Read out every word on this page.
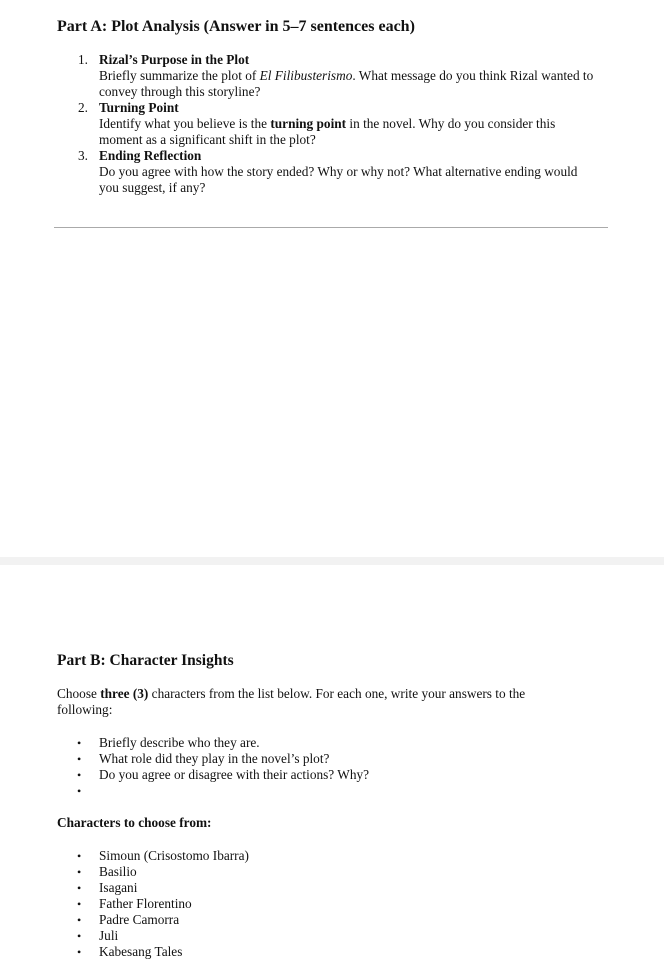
Part A: Plot Analysis (Answer in 5–7 sentences each)
1. Rizal’s Purpose in the Plot
Briefly summarize the plot of El Filibusterismo. What message do you think Rizal wanted to convey through this storyline?
2. Turning Point
Identify what you believe is the turning point in the novel. Why do you consider this moment as a significant shift in the plot?
3. Ending Reflection
Do you agree with how the story ended? Why or why not? What alternative ending would you suggest, if any?
Part B: Character Insights

Choose three (3) characters from the list below. For each one, write your answers to the following:

• Briefly describe who they are.
• What role did they play in the novel’s plot?
• Do you agree or disagree with their actions? Why?
•

Characters to choose from:

• Simoun (Crisostomo Ibarra)
• Basilio
• Isagani
• Father Florentino
• Padre Camorra
• Juli
• Kabesang Tales
